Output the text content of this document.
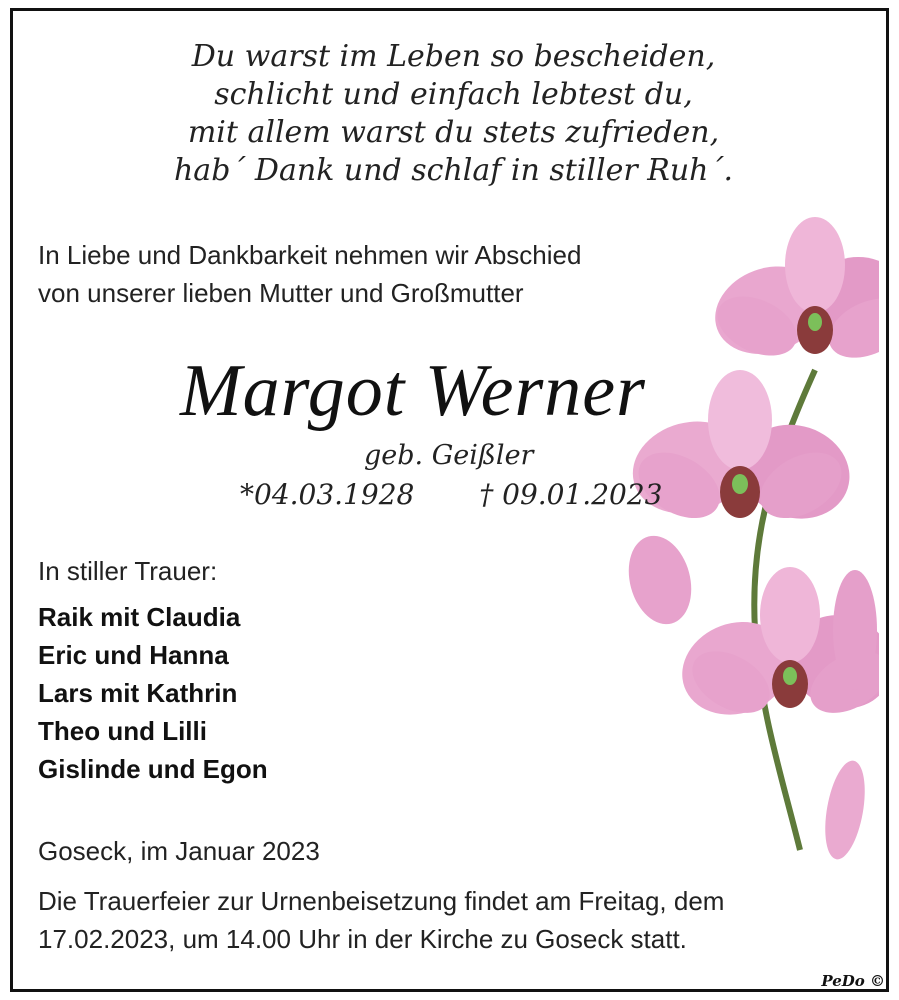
Du warst im Leben so bescheiden,
schlicht und einfach lebtest du,
mit allem warst du stets zufrieden,
hab´ Dank und schlaf in stiller Ruh´.
In Liebe und Dankbarkeit nehmen wir Abschied
von unserer lieben Mutter und Großmutter
Margot Werner
geb. Geißler
*04.03.1928 † 09.01.2023
In stiller Trauer:
Raik mit Claudia
Eric und Hanna
Lars mit Kathrin
Theo und Lilli
Gislinde und Egon
Goseck, im Januar 2023
Die Trauerfeier zur Urnenbeisetzung findet am Freitag, dem
17.02.2023, um 14.00 Uhr in der Kirche zu Goseck statt.
PeDo ©
